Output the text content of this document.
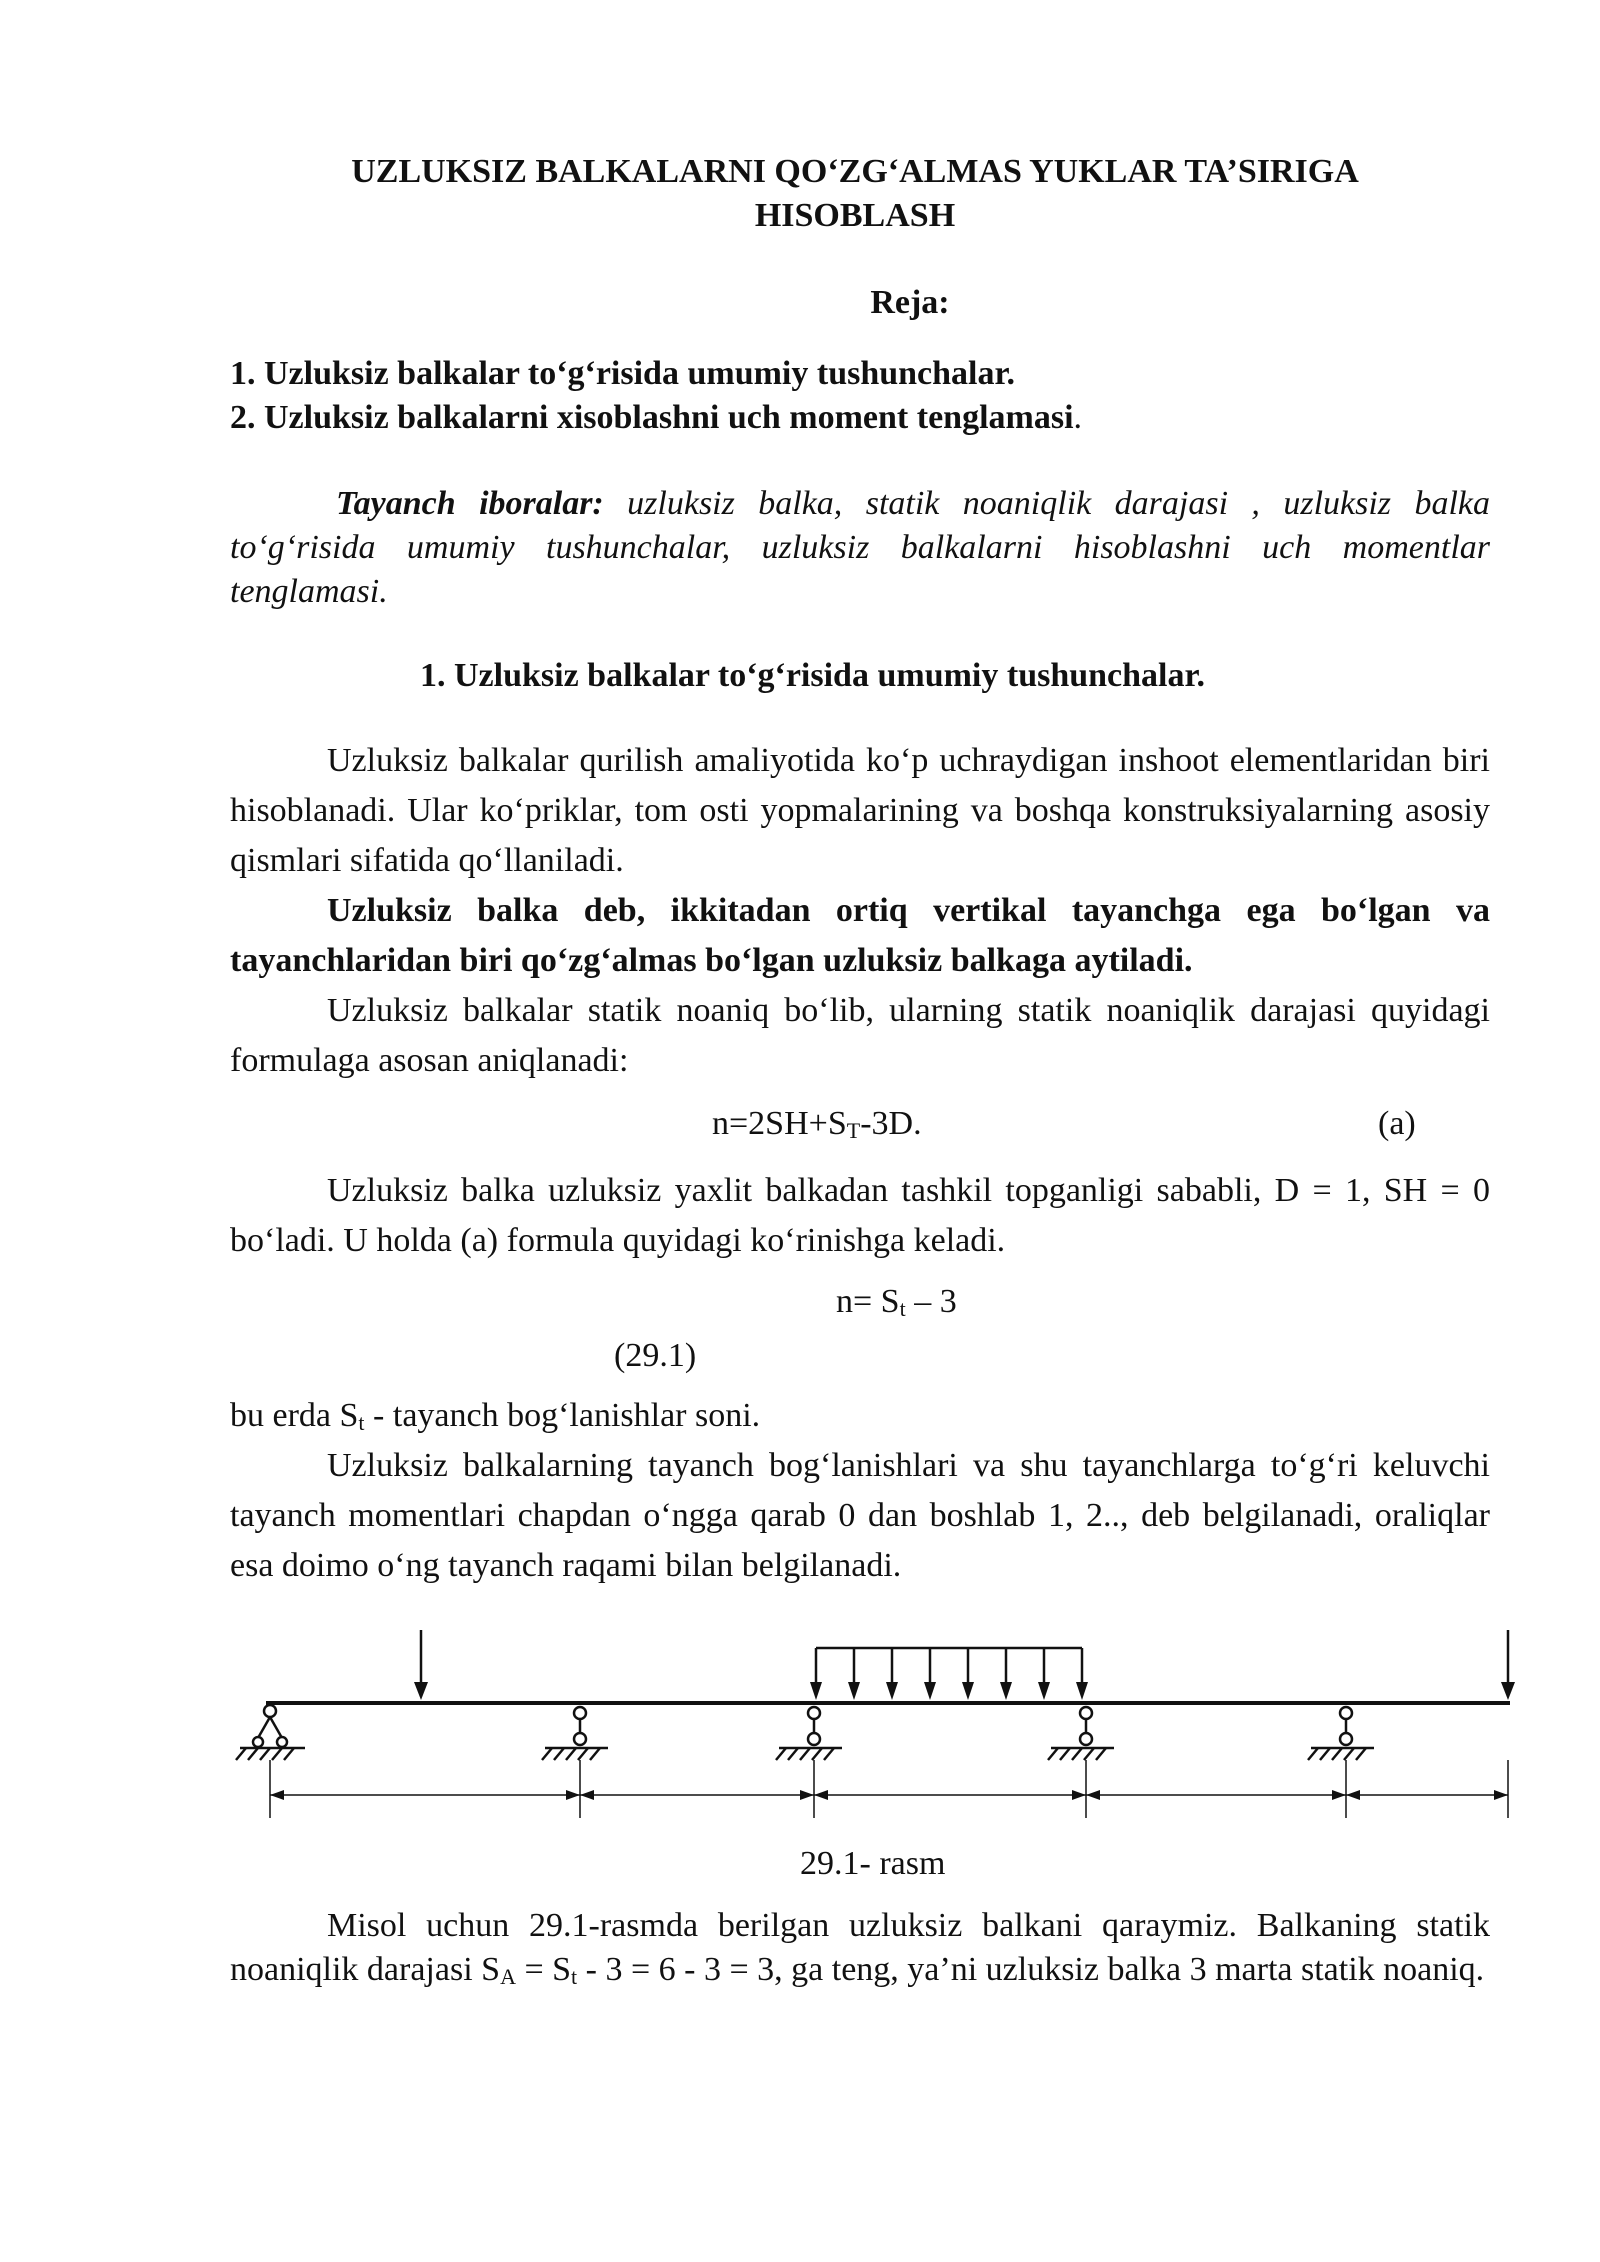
UZLUKSIZ BALKALARNI QO‘ZG‘ALMAS YUKLAR TA’SIRIGA
HISOBLASH

Reja:

1. Uzluksiz balkalar to‘g‘risida umumiy tushunchalar.
2. Uzluksiz balkalarni xisoblashni uch moment tenglamasi.

Tayanch iboralar: uzluksiz balka, statik noaniqlik darajasi , uzluksiz balka to‘g‘risida umumiy tushunchalar, uzluksiz balkalarni hisoblashni uch momentlar tenglamasi.

1. Uzluksiz balkalar to‘g‘risida umumiy tushunchalar.

Uzluksiz balkalar qurilish amaliyotida ko‘p uchraydigan inshoot elementlaridan biri hisoblanadi. Ular ko‘priklar, tom osti yopmalarining va boshqa konstruksiyalarning asosiy qismlari sifatida qo‘llaniladi.

Uzluksiz balka deb, ikkitadan ortiq vertikal tayanchga ega bo‘lgan va tayanchlaridan biri qo‘zg‘almas bo‘lgan uzluksiz balkaga aytiladi.

Uzluksiz balkalar statik noaniq bo‘lib, ularning statik noaniqlik darajasi quyidagi formulaga asosan aniqlanadi:

$n=2SH+S_T-3D$.	(a)

Uzluksiz balka uzluksiz yaxlit balkadan tashkil topganligi sababli, D = 1, SH = 0 bo‘ladi. U holda (a) formula quyidagi ko‘rinishga keladi.

$n= S_t - 3$

(29.1)

bu erda $S_t$ - tayanch bog‘lanishlar soni.

Uzluksiz balkalarning tayanch bog‘lanishlari va shu tayanchlarga to‘g‘ri keluvchi tayanch momentlari chapdan o‘ngga qarab 0 dan boshlab 1, 2.., deb belgilanadi, oraliqlar esa doimo o‘ng tayanch raqami bilan belgilanadi.

29.1- rasm

Misol uchun 29.1-rasmda berilgan uzluksiz balkani qaraymiz. Balkaning statik noaniqlik darajasi $S_A = S_t - 3 = 6 - 3 = 3$, ga teng, ya’ni uzluksiz balka 3 marta statik noaniq.
